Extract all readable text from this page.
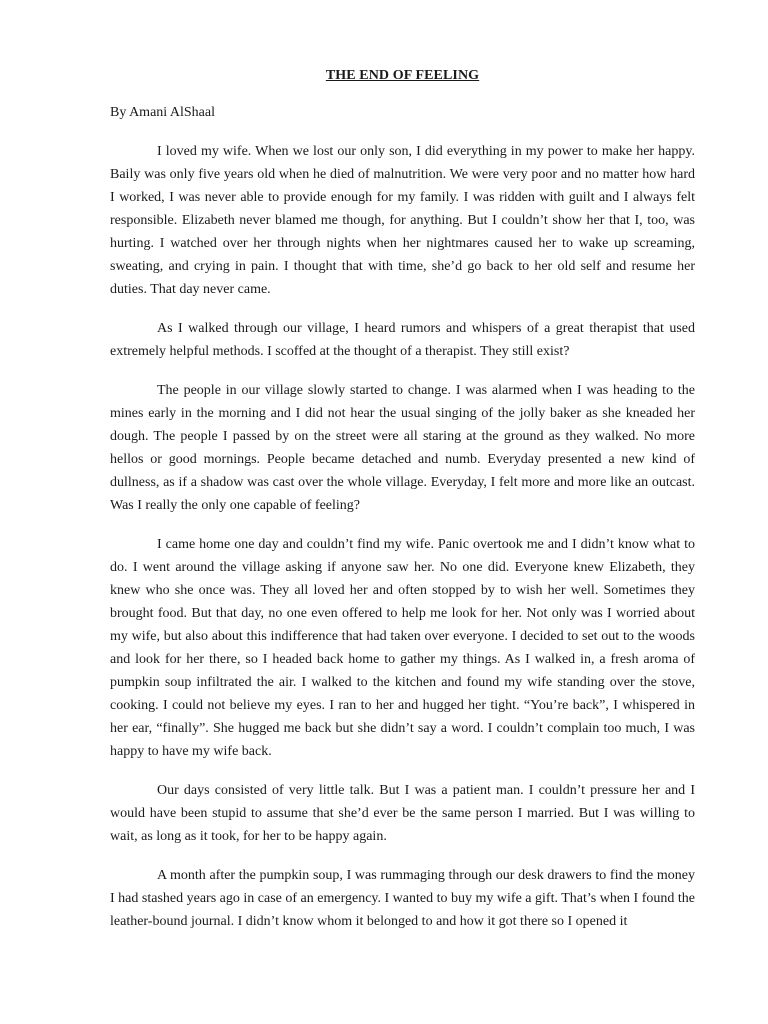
THE END OF FEELING
By Amani AlShaal

I loved my wife. When we lost our only son, I did everything in my power to make her happy. Baily was only five years old when he died of malnutrition. We were very poor and no matter how hard I worked, I was never able to provide enough for my family. I was ridden with guilt and I always felt responsible. Elizabeth never blamed me though, for anything. But I couldn’t show her that I, too, was hurting. I watched over her through nights when her nightmares caused her to wake up screaming, sweating, and crying in pain. I thought that with time, she’d go back to her old self and resume her duties. That day never came.

As I walked through our village, I heard rumors and whispers of a great therapist that used extremely helpful methods. I scoffed at the thought of a therapist. They still exist?

The people in our village slowly started to change. I was alarmed when I was heading to the mines early in the morning and I did not hear the usual singing of the jolly baker as she kneaded her dough. The people I passed by on the street were all staring at the ground as they walked. No more hellos or good mornings. People became detached and numb. Everyday presented a new kind of dullness, as if a shadow was cast over the whole village. Everyday, I felt more and more like an outcast. Was I really the only one capable of feeling?

I came home one day and couldn’t find my wife. Panic overtook me and I didn’t know what to do. I went around the village asking if anyone saw her. No one did. Everyone knew Elizabeth, they knew who she once was. They all loved her and often stopped by to wish her well. Sometimes they brought food. But that day, no one even offered to help me look for her. Not only was I worried about my wife, but also about this indifference that had taken over everyone. I decided to set out to the woods and look for her there, so I headed back home to gather my things. As I walked in, a fresh aroma of pumpkin soup infiltrated the air. I walked to the kitchen and found my wife standing over the stove, cooking. I could not believe my eyes. I ran to her and hugged her tight. “You’re back”, I whispered in her ear, “finally”. She hugged me back but she didn’t say a word. I couldn’t complain too much, I was happy to have my wife back.

Our days consisted of very little talk. But I was a patient man. I couldn’t pressure her and I would have been stupid to assume that she’d ever be the same person I married. But I was willing to wait, as long as it took, for her to be happy again.

A month after the pumpkin soup, I was rummaging through our desk drawers to find the money I had stashed years ago in case of an emergency. I wanted to buy my wife a gift. That’s when I found the leather-bound journal. I didn’t know whom it belonged to and how it got there so I opened it
